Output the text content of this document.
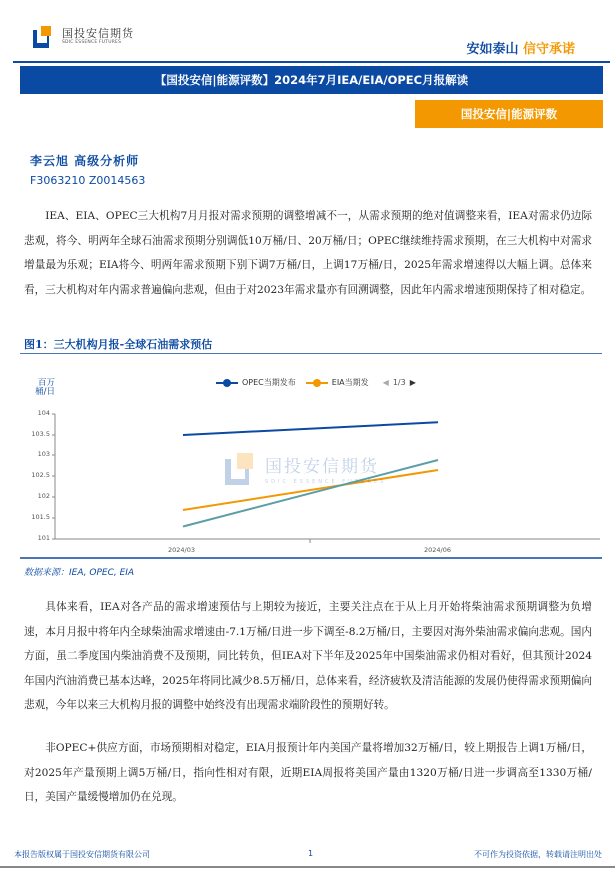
国投安信期货
SDIC ESSENCE FUTURES	安如泰山 信守承诺
【国投安信|能源评数】2024年7月IEA/EIA/OPEC月报解读
国投安信|能源评数
李云旭 高级分析师
F3063210 Z0014563

IEA、EIA、OPEC三大机构7月月报对需求预期的调整增减不一，从需求预期的绝对值调整来看，IEA对需求仍边际悲观，将今、明两年全球石油需求预期分别调低10万桶/日、20万桶/日；OPEC继续维持需求预期，在三大机构中对需求增量最为乐观；EIA将今、明两年需求预期下别下调7万桶/日，上调17万桶/日，2025年需求增速得以大幅上调。总体来看，三大机构对年内需求普遍偏向悲观，但由于对2023年需求量亦有回溯调整，因此年内需求增速预期保持了相对稳定。

图1：三大机构月报-全球石油需求预估
百万桶/日
104
103.5
103
102.5
102
101.5
101
2024/03	2024/06
OPEC当期发布	EIA当期发 ◀ 1/3 ▶
国投安信期货
SDIC ESSENCE FUTURES
数据来源：IEA, OPEC, EIA

具体来看，IEA对各产品的需求增速预估与上期较为接近，主要关注点在于从上月开始将柴油需求预期调整为负增速，本月月报中将年内全球柴油需求增速由-7.1万桶/日进一步下调至-8.2万桶/日，主要因对海外柴油需求偏向悲观。国内方面，虽二季度国内柴油消费不及预期，同比转负，但IEA对下半年及2025年中国柴油需求仍相对看好，但其预计2024年国内汽油消费已基本达峰，2025年将同比减少8.5万桶/日，总体来看，经济疲软及清洁能源的发展仍使得需求预期偏向悲观，今年以来三大机构月报的调整中始终没有出现需求端阶段性的预期好转。

非OPEC+供应方面，市场预期相对稳定，EIA月报预计年内美国产量将增加32万桶/日，较上期报告上调1万桶/日，对2025年产量预期上调5万桶/日，指向性相对有限，近期EIA周报将美国产量由1320万桶/日进一步调高至1330万桶/日，美国产量缓慢增加仍在兑现。

本报告版权属于国投安信期货有限公司	1	不可作为投资依据，转载请注明出处
